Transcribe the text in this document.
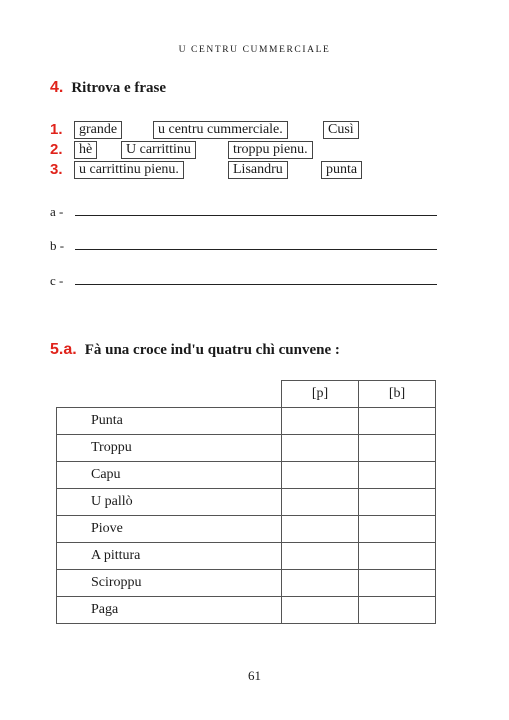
U CENTRU CUMMERCIALE
4. Ritrova e frase
1.	grande	u centru cummerciale.	Cusì
2.	hè	U carrittinu	troppu pienu.
3.	u carrittinu pienu.	Lisandru	punta
a -
b -
c -
5.a. Fà una croce ind'u quatru chì cunvene :
	[p]	[b]
Punta		
Troppu		
Capu		
U pallò		
Piove		
A pittura		
Sciroppu		
Paga		
61
